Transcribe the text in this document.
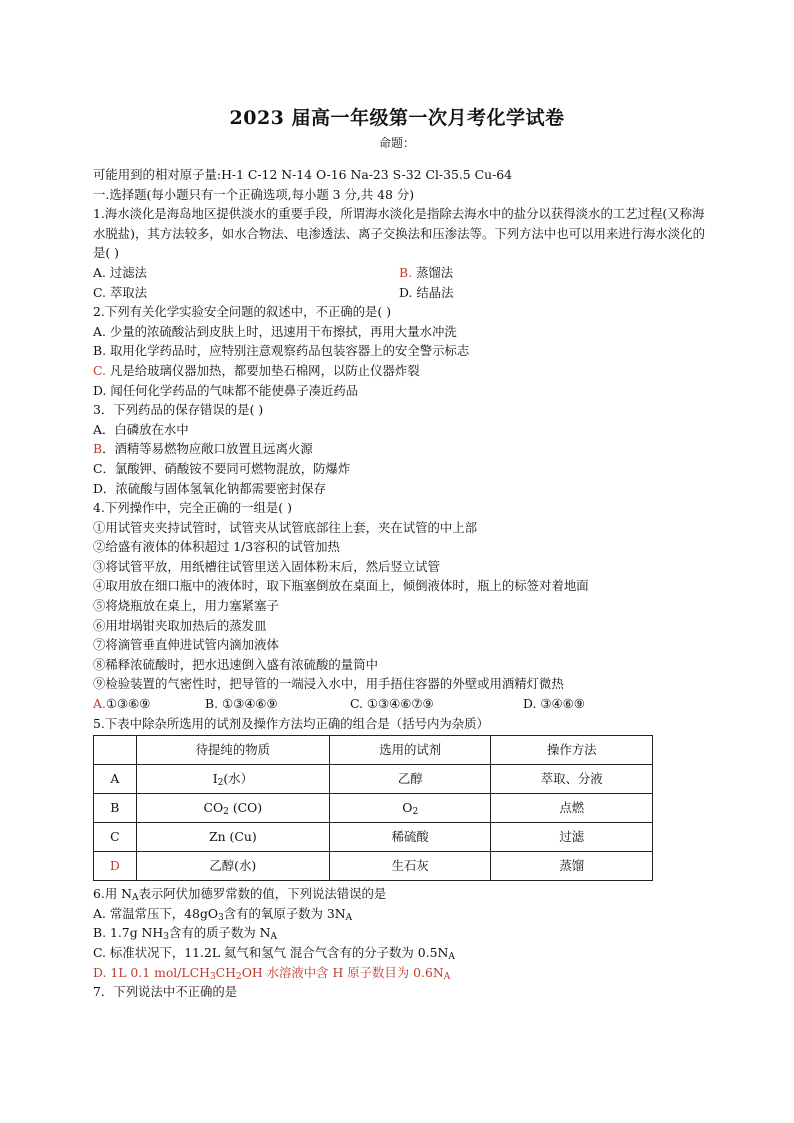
2023 届高一年级第一次月考化学试卷
命题：
可能用到的相对原子量:H-1 C-12 N-14 O-16 Na-23 S-32 Cl-35.5 Cu-64
一.选择题(每小题只有一个正确选项,每小题 3 分,共 48 分)
1.海水淡化是海岛地区提供淡水的重要手段，所谓海水淡化是指除去海水中的盐分以获得淡水的工艺过程(又称海水脱盐)，其方法较多，如水合物法、电渗透法、离子交换法和压渗法等。下列方法中也可以用来进行海水淡化的是( )
A. 过滤法	B. 蒸馏法
C. 萃取法	D. 结晶法
2.下列有关化学实验安全问题的叙述中，不正确的是( )
A. 少量的浓硫酸沾到皮肤上时，迅速用干布擦拭，再用大量水冲洗
B. 取用化学药品时，应特别注意观察药品包装容器上的安全警示标志
C. 凡是给玻璃仪器加热，都要加垫石棉网，以防止仪器炸裂
D. 闻任何化学药品的气味都不能使鼻子凑近药品
3．下列药品的保存错误的是( )
A．白磷放在水中
B．酒精等易燃物应敞口放置且远离火源
C．氯酸钾、硝酸铵不要同可燃物混放，防爆炸
D．浓硫酸与固体氢氧化钠都需要密封保存
4.下列操作中，完全正确的一组是( )
①用试管夹夹持试管时，试管夹从试管底部往上套，夹在试管的中上部
②给盛有液体的体积超过 1/3容积的试管加热
③将试管平放，用纸槽往试管里送入固体粉末后，然后竖立试管
④取用放在细口瓶中的液体时，取下瓶塞倒放在桌面上，倾倒液体时，瓶上的标签对着地面
⑤将烧瓶放在桌上，用力塞紧塞子
⑥用坩埚钳夹取加热后的蒸发皿
⑦将滴管垂直伸进试管内滴加液体
⑧稀释浓硫酸时，把水迅速倒入盛有浓硫酸的量筒中
⑨检验装置的气密性时，把导管的一端浸入水中，用手捂住容器的外壁或用酒精灯微热
A.①③⑥⑨	B. ①③④⑥⑨	C. ①③④⑥⑦⑨	D. ③④⑥⑨
5.下表中除杂所选用的试剂及操作方法均正确的组合是（括号内为杂质）
	待提纯的物质	选用的试剂	操作方法
A	$I_2$(水）	乙醇	萃取、分液
B	$CO_2$ (CO)	$O_2$	点燃
C	Zn (Cu)	稀硫酸	过滤
D	乙醇(水)	生石灰	蒸馏
6.用 $N_A$表示阿伏加德罗常数的值，下列说法错误的是
A. 常温常压下，$48gO_3$含有的氧原子数为 $3N_A$
B. 1.7g $NH_3$含有的质子数为 $N_A$
C. 标准状况下，11.2L 氦气和氢气 混合气含有的分子数为 $0.5N_A$
D. 1L 0.1 mol/$LCH_3CH_2OH$ 水溶液中含 H 原子数目为 $0.6N_A$
7．下列说法中不正确的是
